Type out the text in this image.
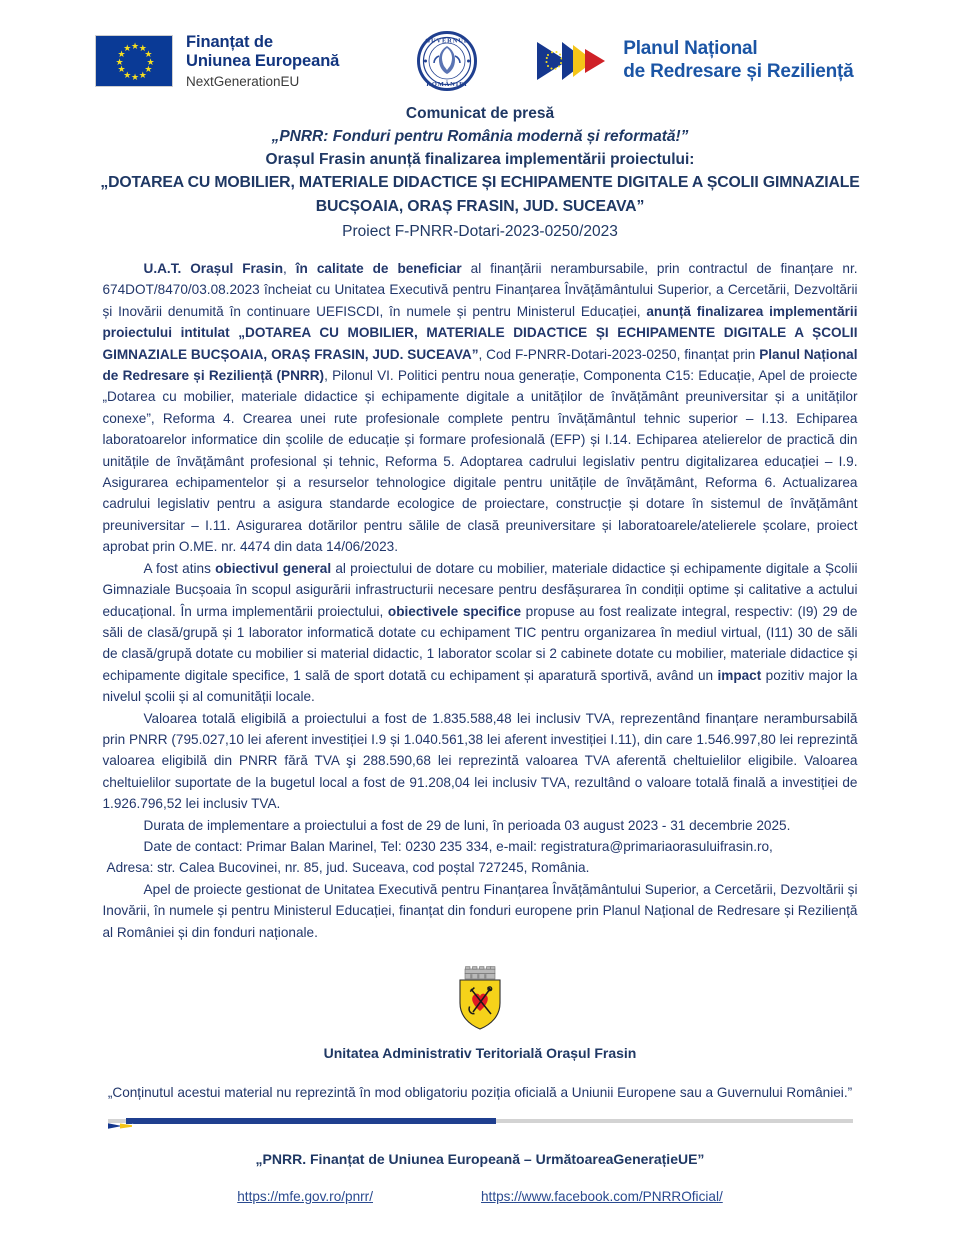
★ ★
★
★
★
★
★
★
★
★
★
★	Finanțat de
Uniunea Europeană
NextGenerationEU
GUVERNUL
ROMÂNIEI
Planul Național
de Redresare și Reziliență
Comunicat de presă
„PNRR: Fonduri pentru România modernă și reformată!”
Orașul Frasin anunță finalizarea implementării proiectului:
„DOTAREA CU MOBILIER, MATERIALE DIDACTICE ȘI ECHIPAMENTE DIGITALE A ȘCOLII GIMNAZIALE
BUCȘOAIA, ORAȘ FRASIN, JUD. SUCEAVA”
Proiect F-PNRR-Dotari-2023-0250/2023

U.A.T. Orașul Frasin, în calitate de beneficiar al finanțării nerambursabile, prin contractul de finanțare nr. 674DOT/8470/03.08.2023 încheiat cu Unitatea Executivă pentru Finanțarea Învățământului Superior, a Cercetării, Dezvoltării și Inovării denumită în continuare UEFISCDI, în numele și pentru Ministerul Educației, anunță finalizarea implementării proiectului intitulat „DOTAREA CU MOBILIER, MATERIALE DIDACTICE ȘI ECHIPAMENTE DIGITALE A ȘCOLII GIMNAZIALE BUCȘOAIA, ORAȘ FRASIN, JUD. SUCEAVA”, Cod F-PNRR-Dotari-2023-0250, finanțat prin Planul Național de Redresare și Reziliență (PNRR), Pilonul VI. Politici pentru noua generație, Componenta C15: Educație, Apel de proiecte „Dotarea cu mobilier, materiale didactice și echipamente digitale a unităților de învățământ preuniversitar și a unităților conexe”, Reforma 4. Crearea unei rute profesionale complete pentru învățământul tehnic superior – I.13. Echiparea laboratoarelor informatice din școlile de educație și formare profesională (EFP) și I.14. Echiparea atelierelor de practică din unitățile de învățământ profesional și tehnic, Reforma 5. Adoptarea cadrului legislativ pentru digitalizarea educației – I.9. Asigurarea echipamentelor și a resurselor tehnologice digitale pentru unitățile de învățământ, Reforma 6. Actualizarea cadrului legislativ pentru a asigura standarde ecologice de proiectare, construcție și dotare în sistemul de învățământ preuniversitar – I.11. Asigurarea dotărilor pentru sălile de clasă preuniversitare și laboratoarele/atelierele școlare, proiect aprobat prin O.ME. nr. 4474 din data 14/06/2023.

A fost atins obiectivul general al proiectului de dotare cu mobilier, materiale didactice și echipamente digitale a Școlii Gimnaziale Bucșoaia în scopul asigurării infrastructurii necesare pentru desfășurarea în condiții optime și calitative a actului educațional. În urma implementării proiectului, obiectivele specifice propuse au fost realizate integral, respectiv: (I9) 29 de săli de clasă/grupă și 1 laborator informatică dotate cu echipament TIC pentru organizarea în mediul virtual, (I11) 30 de săli de clasă/grupă dotate cu mobilier si material didactic, 1 laborator scolar si 2 cabinete dotate cu mobilier, materiale didactice și echipamente digitale specifice, 1 sală de sport dotată cu echipament și aparatură sportivă, având un impact pozitiv major la nivelul școlii și al comunității locale.

Valoarea totală eligibilă a proiectului a fost de 1.835.588,48 lei inclusiv TVA, reprezentând finanțare nerambursabilă prin PNRR (795.027,10 lei aferent investiției I.9 și 1.040.561,38 lei aferent investiției I.11), din care 1.546.997,80 lei reprezintă valoarea eligibilă din PNRR fără TVA şi 288.590,68 lei reprezintă valoarea TVA aferentă cheltuielilor eligibile. Valoarea cheltuielilor suportate de la bugetul local a fost de 91.208,04 lei inclusiv TVA, rezultând o valoare totală finală a investiției de 1.926.796,52 lei inclusiv TVA.

Durata de implementare a proiectului a fost de 29 de luni, în perioada 03 august 2023 - 31 decembrie 2025.

Date de contact: Primar Balan Marinel, Tel: 0230 235 334, e-mail: registratura@primariaorasuluifrasin.ro,
Adresa: str. Calea Bucovinei, nr. 85, jud. Suceava, cod poștal 727245, România.

Apel de proiecte gestionat de Unitatea Executivă pentru Finanțarea Învățământului Superior, a Cercetării, Dezvoltării și Inovării, în numele și pentru Ministerul Educației, finanțat din fonduri europene prin Planul Național de Redresare și Reziliență al României și din fonduri naționale.

Unitatea Administrativ Teritorială Orașul Frasin
„Conținutul acestui material nu reprezintă în mod obligatoriu poziția oficială a Uniunii Europene sau a Guvernului României.”
„PNRR. Finanțat de Uniunea Europeană – UrmătoareaGenerațieUE”
https://mfe.gov.ro/pnrr/	https://www.facebook.com/PNRROficial/
